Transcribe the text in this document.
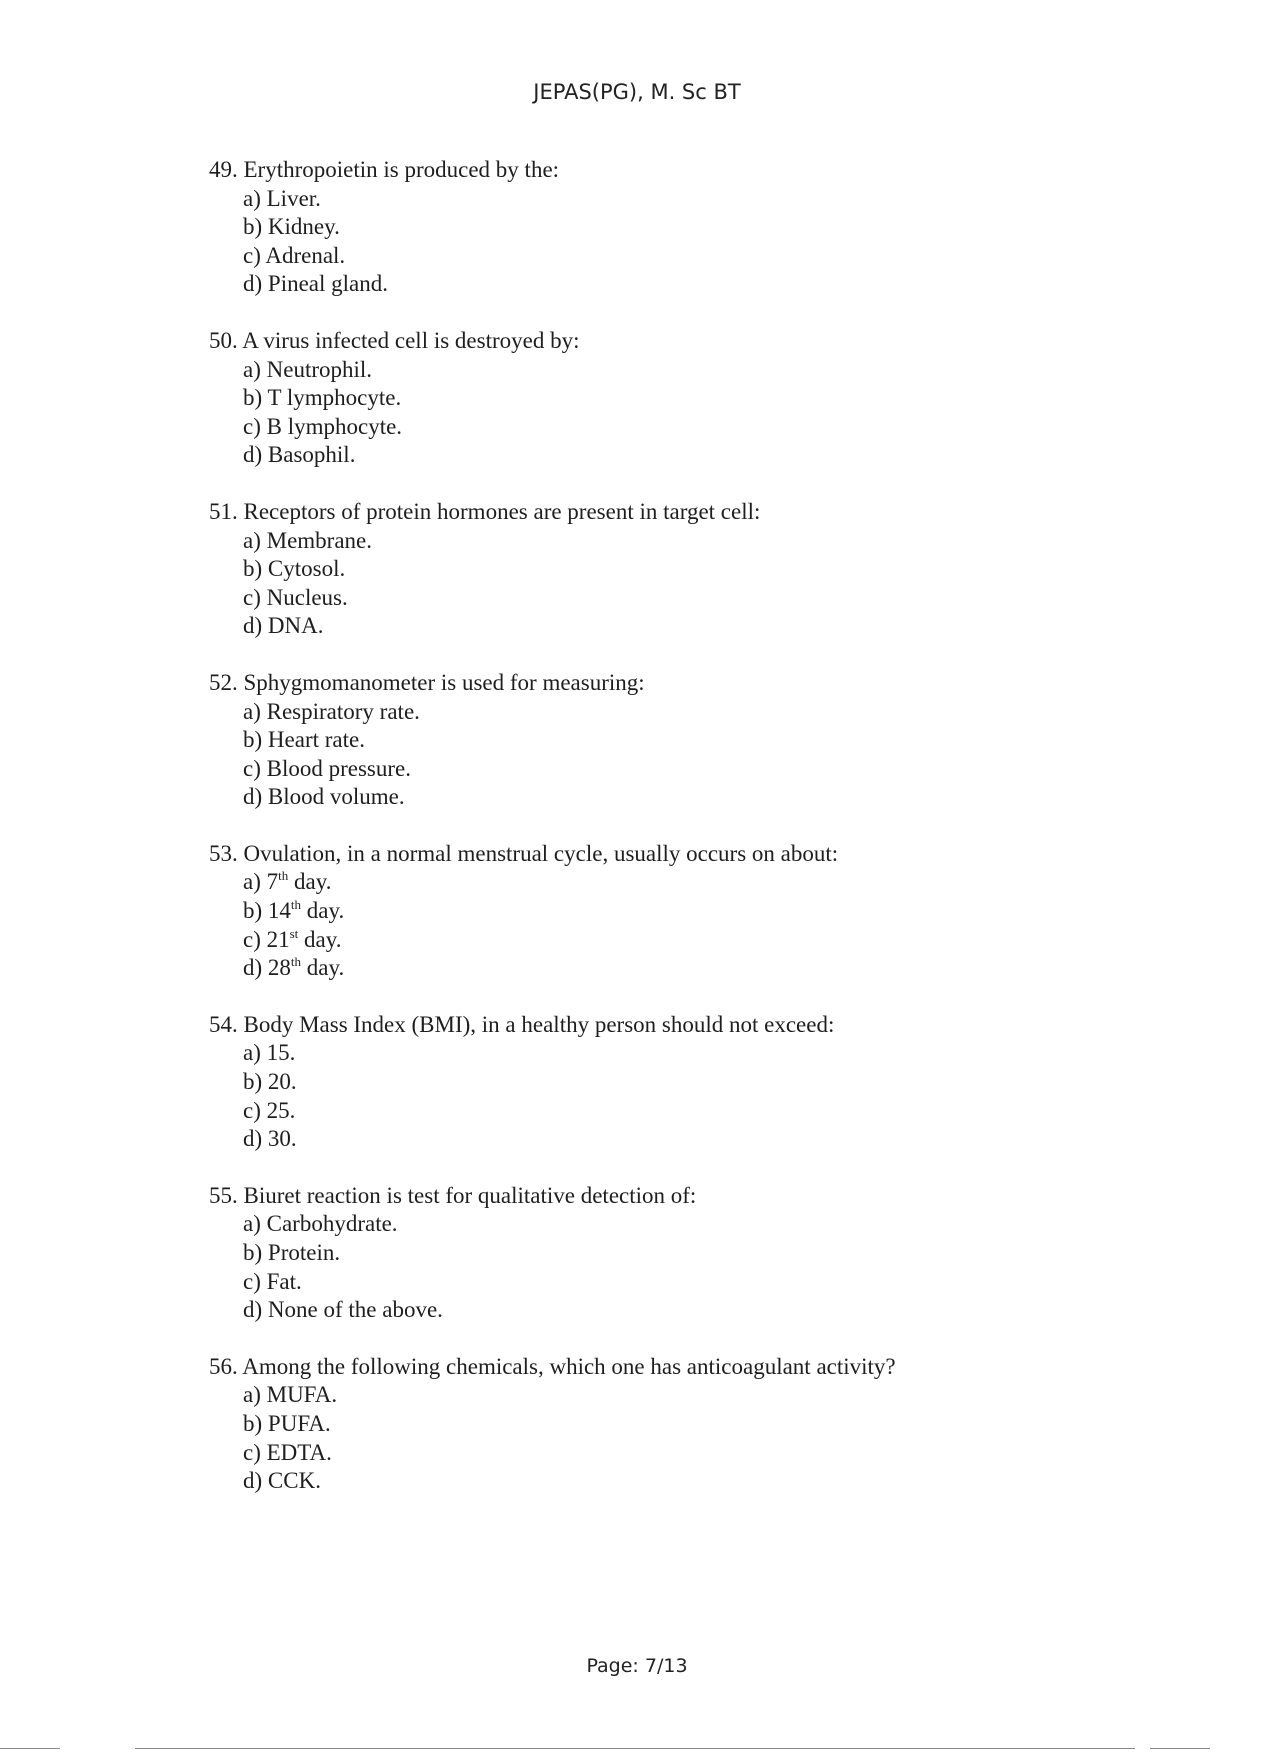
JEPAS(PG), M. Sc BT
49. Erythropoietin is produced by the:
a) Liver.
b) Kidney.
c) Adrenal.
d) Pineal gland.
50. A virus infected cell is destroyed by:
a) Neutrophil.
b) T lymphocyte.
c) B lymphocyte.
d) Basophil.
51. Receptors of protein hormones are present in target cell:
a) Membrane.
b) Cytosol.
c) Nucleus.
d) DNA.
52. Sphygmomanometer is used for measuring:
a) Respiratory rate.
b) Heart rate.
c) Blood pressure.
d) Blood volume.
53. Ovulation, in a normal menstrual cycle, usually occurs on about:
a) 7th day.
b) 14th day.
c) 21st day.
d) 28th day.
54. Body Mass Index (BMI), in a healthy person should not exceed:
a) 15.
b) 20.
c) 25.
d) 30.
55. Biuret reaction is test for qualitative detection of:
a) Carbohydrate.
b) Protein.
c) Fat.
d) None of the above.
56. Among the following chemicals, which one has anticoagulant activity?
a) MUFA.
b) PUFA.
c) EDTA.
d) CCK.
Page: 7/13
